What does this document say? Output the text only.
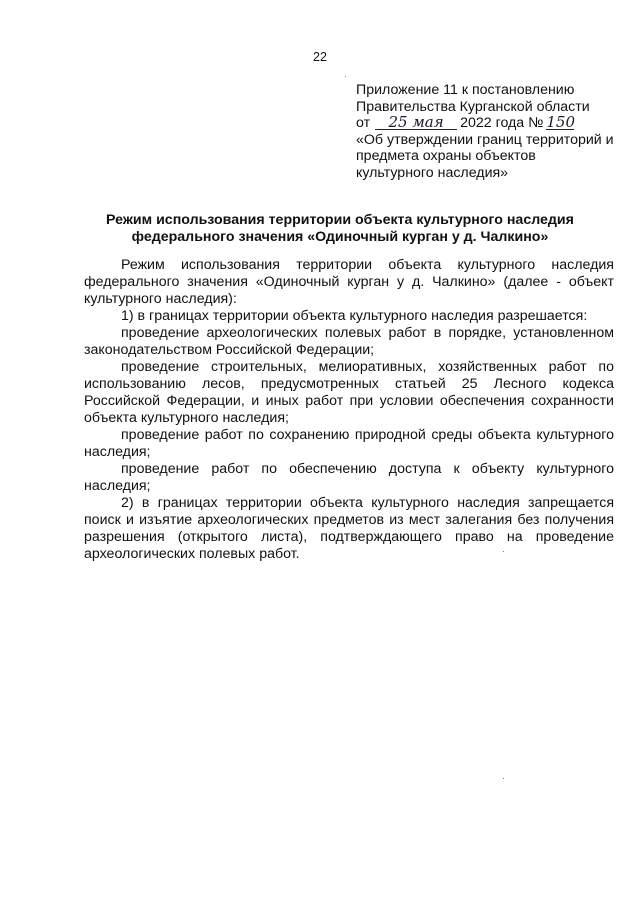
22
Приложение 11 к постановлению
Правительства Курганской области
от 25 мая 2022 года № 150
«Об утверждении границ территорий и
предмета охраны объектов
культурного наследия»
Режим использования территории объекта культурного наследия
федерального значения «Одиночный курган у д. Чалкино»

Режим использования территории объекта культурного наследия федерального значения «Одиночный курган у д. Чалкино» (далее - объект культурного наследия):

1) в границах территории объекта культурного наследия разрешается:

проведение археологических полевых работ в порядке, установленном законодательством Российской Федерации;

проведение строительных, мелиоративных, хозяйственных работ по использованию лесов, предусмотренных статьей 25 Лесного кодекса Российской Федерации, и иных работ при условии обеспечения сохранности объекта культурного наследия;

проведение работ по сохранению природной среды объекта культурного наследия;

проведение работ по обеспечению доступа к объекту культурного наследия;

2) в границах территории объекта культурного наследия запрещается поиск и изъятие археологических предметов из мест залегания без получения разрешения (открытого листа), подтверждающего право на проведение археологических полевых работ.
